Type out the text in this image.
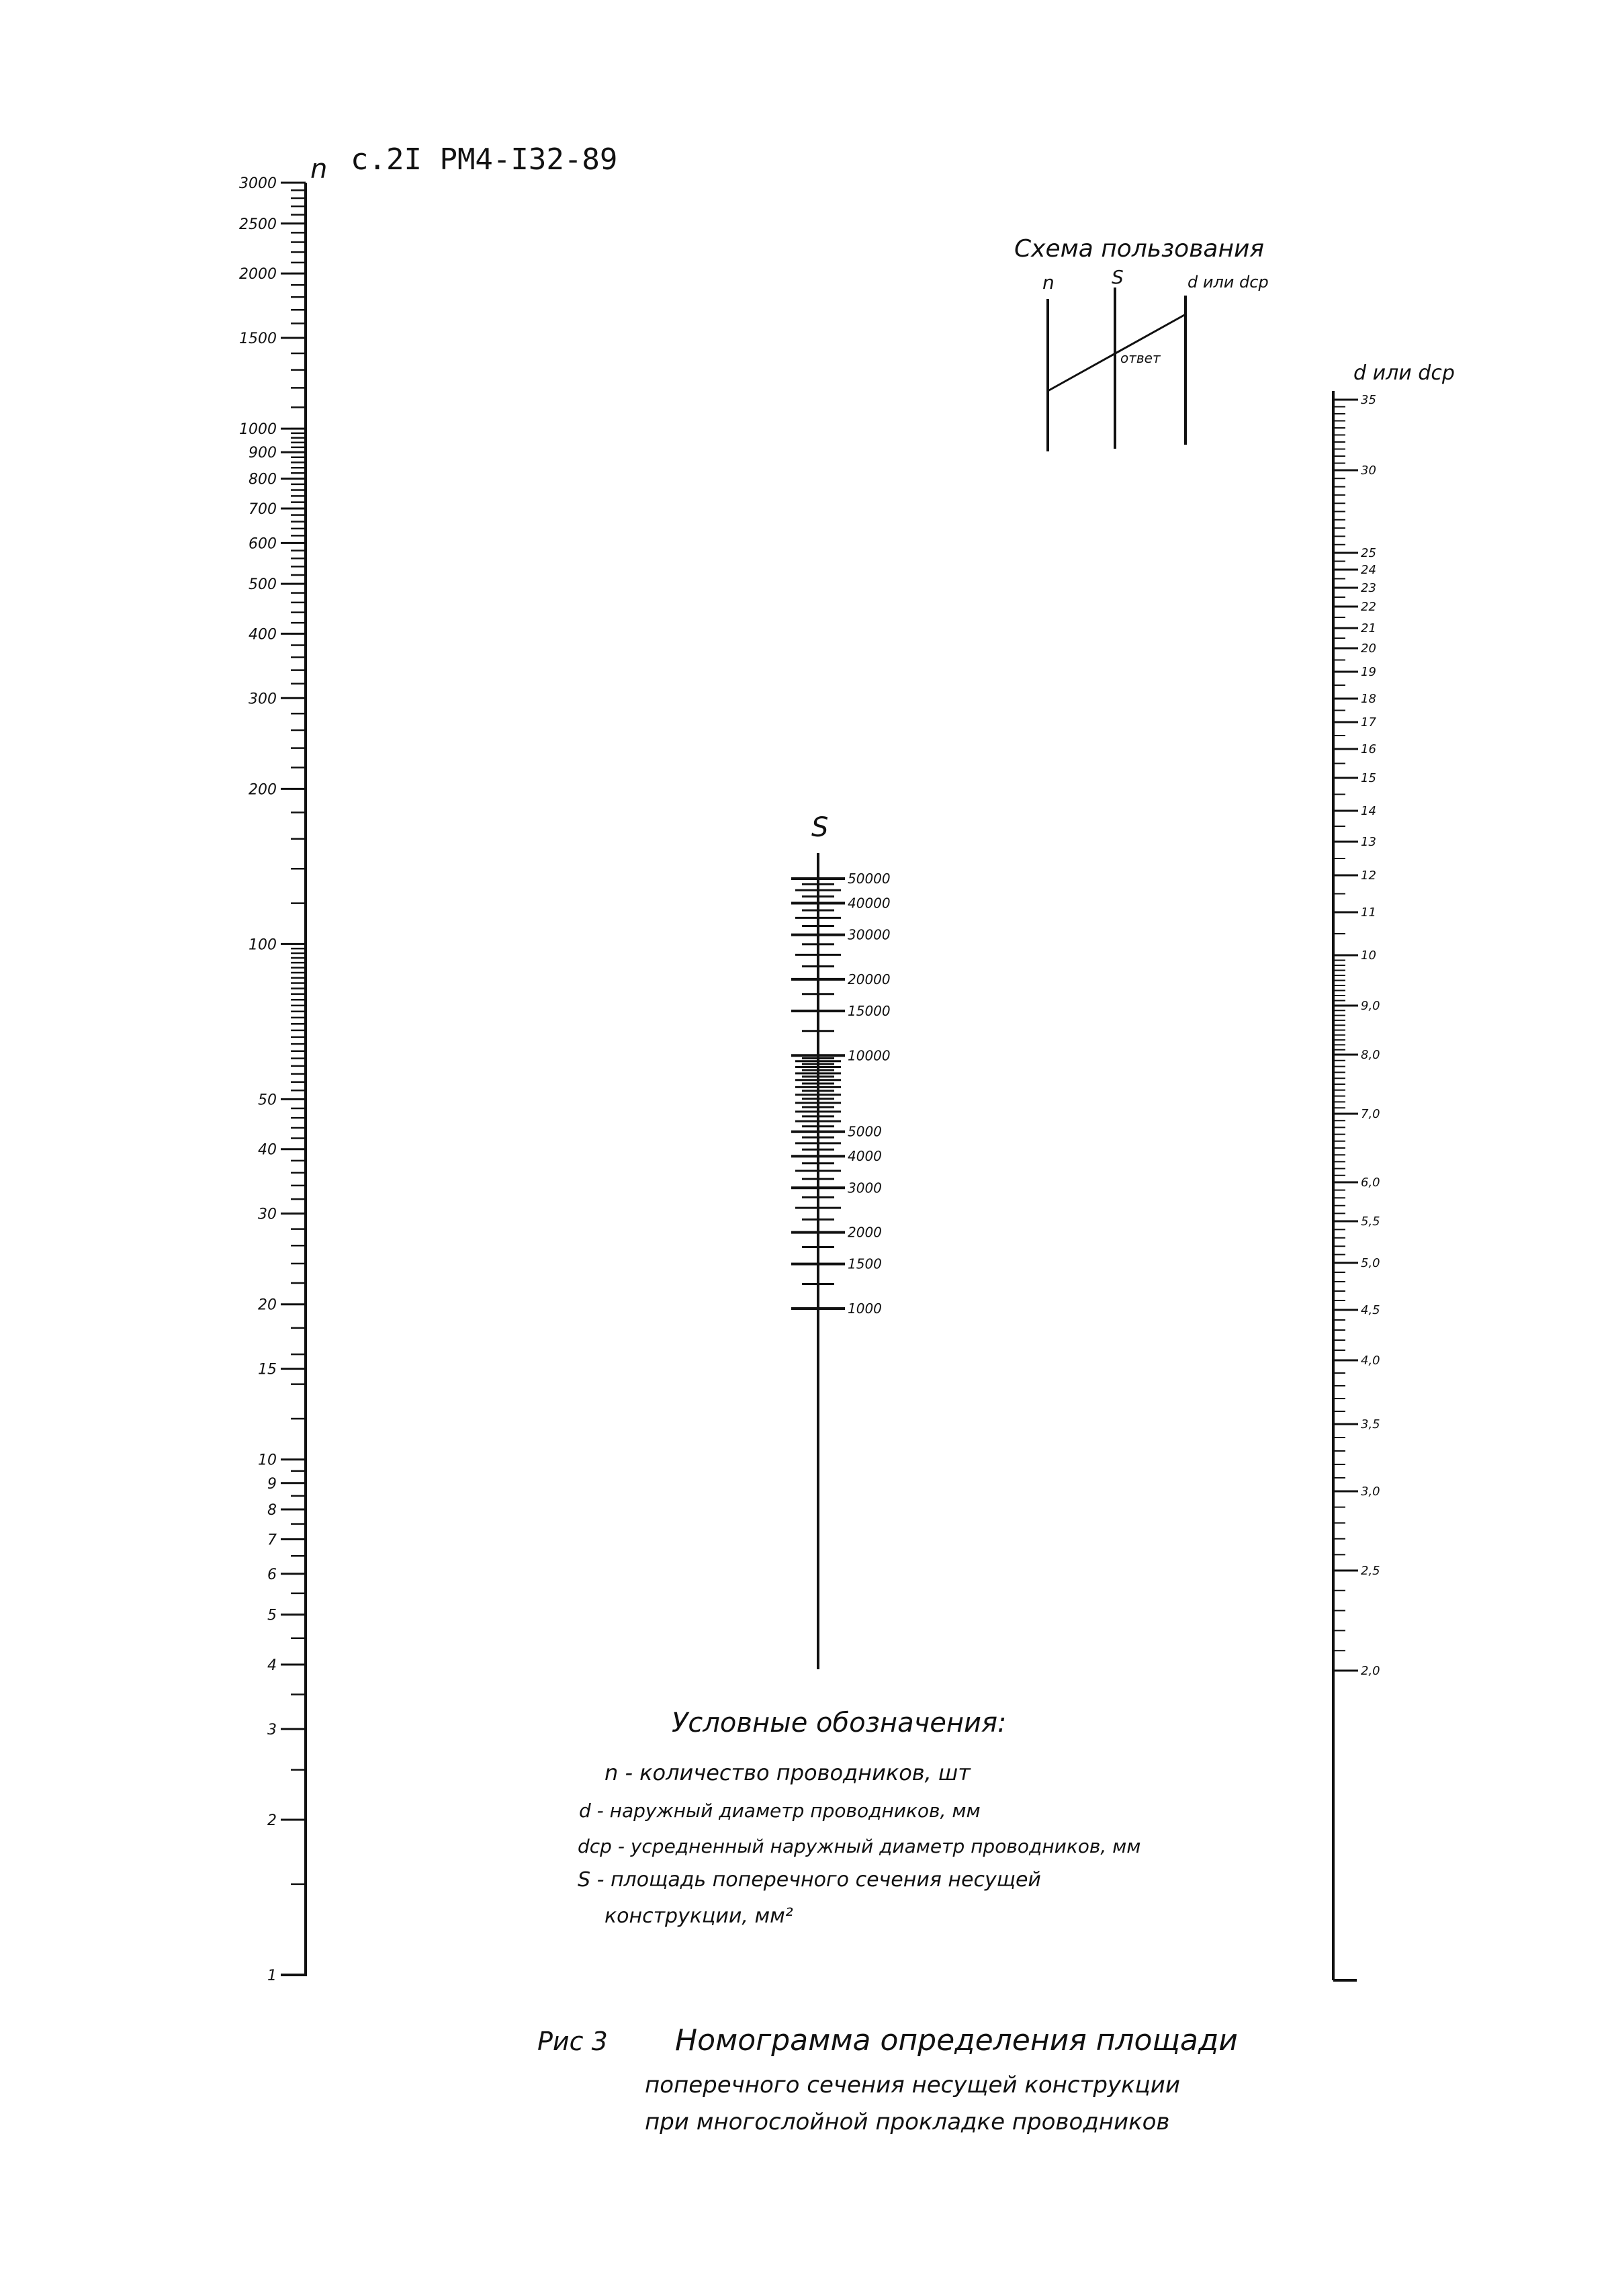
с.2I РМ4-I32-89
n
3000
2500
2000
1500
1000
900
800
700
600
500
400
300
200
100
50
40
30
20
15
10
9
8
7
6
5
4
3
2
1
S
50000
40000
30000
20000
15000
10000
5000
4000
3000
2000
1500
1000
d или dср
35
30
25
24
23
22
21
20
19
18
17
16
15
14
13
12
11
10
9,0
8,0
7,0
6,0
5,5
5,0
4,5
4,0
3,5
3,0
2,5
2,0
Схема пользования
n	S	d или dср
ответ
Условные обозначения:
n - количество проводников, шт
d - наружный диаметр проводников, мм
dср - усредненный наружный диаметр проводников, мм
S - площадь поперечного сечения несущей
конструкции, мм²
Рис 3 Номограмма определения площади
поперечного сечения несущей конструкции
при многослойной прокладке проводников
